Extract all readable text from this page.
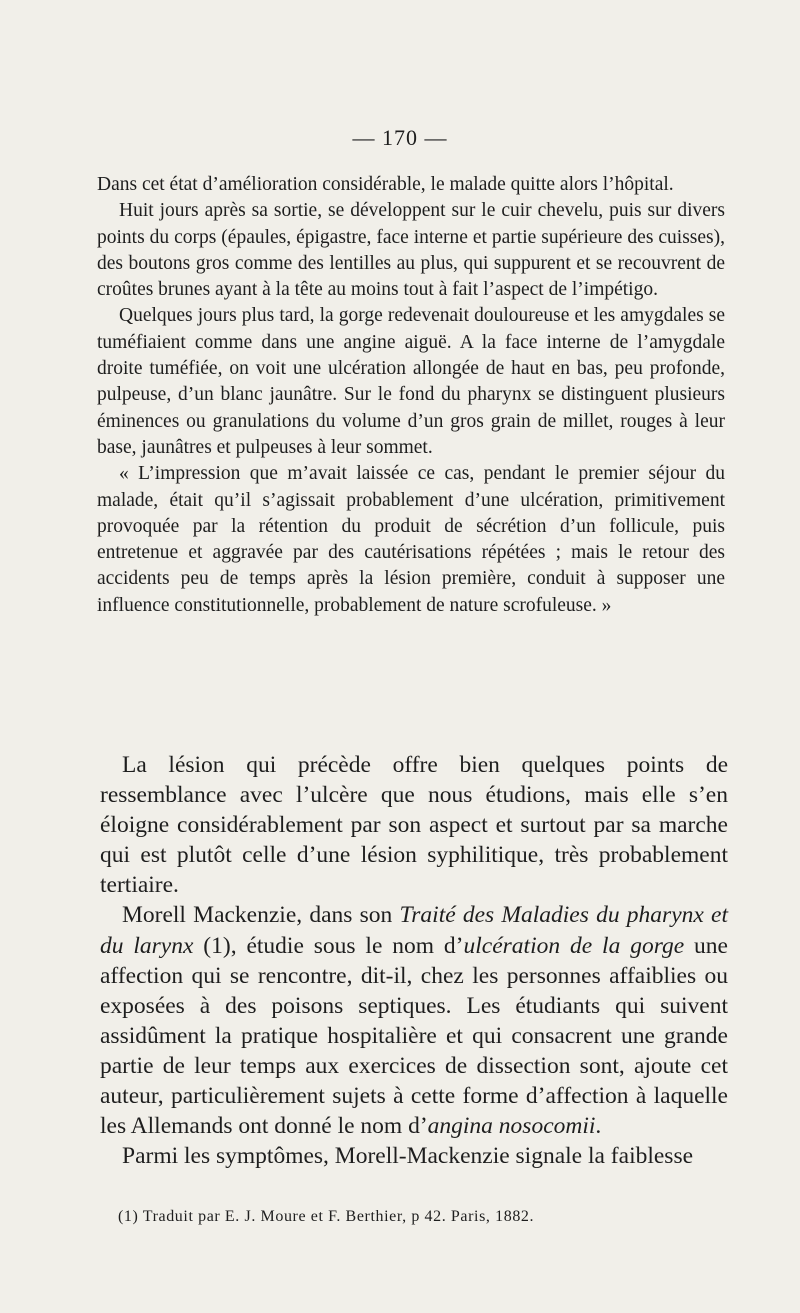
— 170 —

Dans cet état d’amélioration considérable, le malade quitte alors l’hôpital.

Huit jours après sa sortie, se développent sur le cuir chevelu, puis sur divers points du corps (épaules, épigastre, face interne et partie supérieure des cuisses), des boutons gros comme des lentilles au plus, qui suppurent et se recouvrent de croûtes brunes ayant à la tête au moins tout à fait l’aspect de l’impétigo.

Quelques jours plus tard, la gorge redevenait douloureuse et les amygdales se tuméfiaient comme dans une angine aiguë. A la face interne de l’amygdale droite tuméfiée, on voit une ulcération allongée de haut en bas, peu profonde, pulpeuse, d’un blanc jaunâtre. Sur le fond du pharynx se distinguent plusieurs éminences ou granulations du volume d’un gros grain de millet, rouges à leur base, jaunâtres et pulpeuses à leur sommet.

« L’impression que m’avait laissée ce cas, pendant le premier séjour du malade, était qu’il s’agissait probablement d’une ulcération, primitivement provoquée par la rétention du produit de sécrétion d’un follicule, puis entretenue et aggravée par des cautérisations répétées ; mais le retour des accidents peu de temps après la lésion première, conduit à supposer une influence constitutionnelle, probablement de nature scrofuleuse. »

La lésion qui précède offre bien quelques points de ressemblance avec l’ulcère que nous étudions, mais elle s’en éloigne considérablement par son aspect et surtout par sa marche qui est plutôt celle d’une lésion syphilitique, très probablement tertiaire.

Morell Mackenzie, dans son Traité des Maladies du pharynx et du larynx (1), étudie sous le nom d’ulcération de la gorge une affection qui se rencontre, dit-il, chez les personnes affaiblies ou exposées à des poisons septiques. Les étudiants qui suivent assidûment la pratique hospitalière et qui consacrent une grande partie de leur temps aux exercices de dissection sont, ajoute cet auteur, particulièrement sujets à cette forme d’affection à laquelle les Allemands ont donné le nom d’angina nosocomii.

Parmi les symptômes, Morell-Mackenzie signale la faiblesse

(1) Traduit par E. J. Moure et F. Berthier, p 42. Paris, 1882.
